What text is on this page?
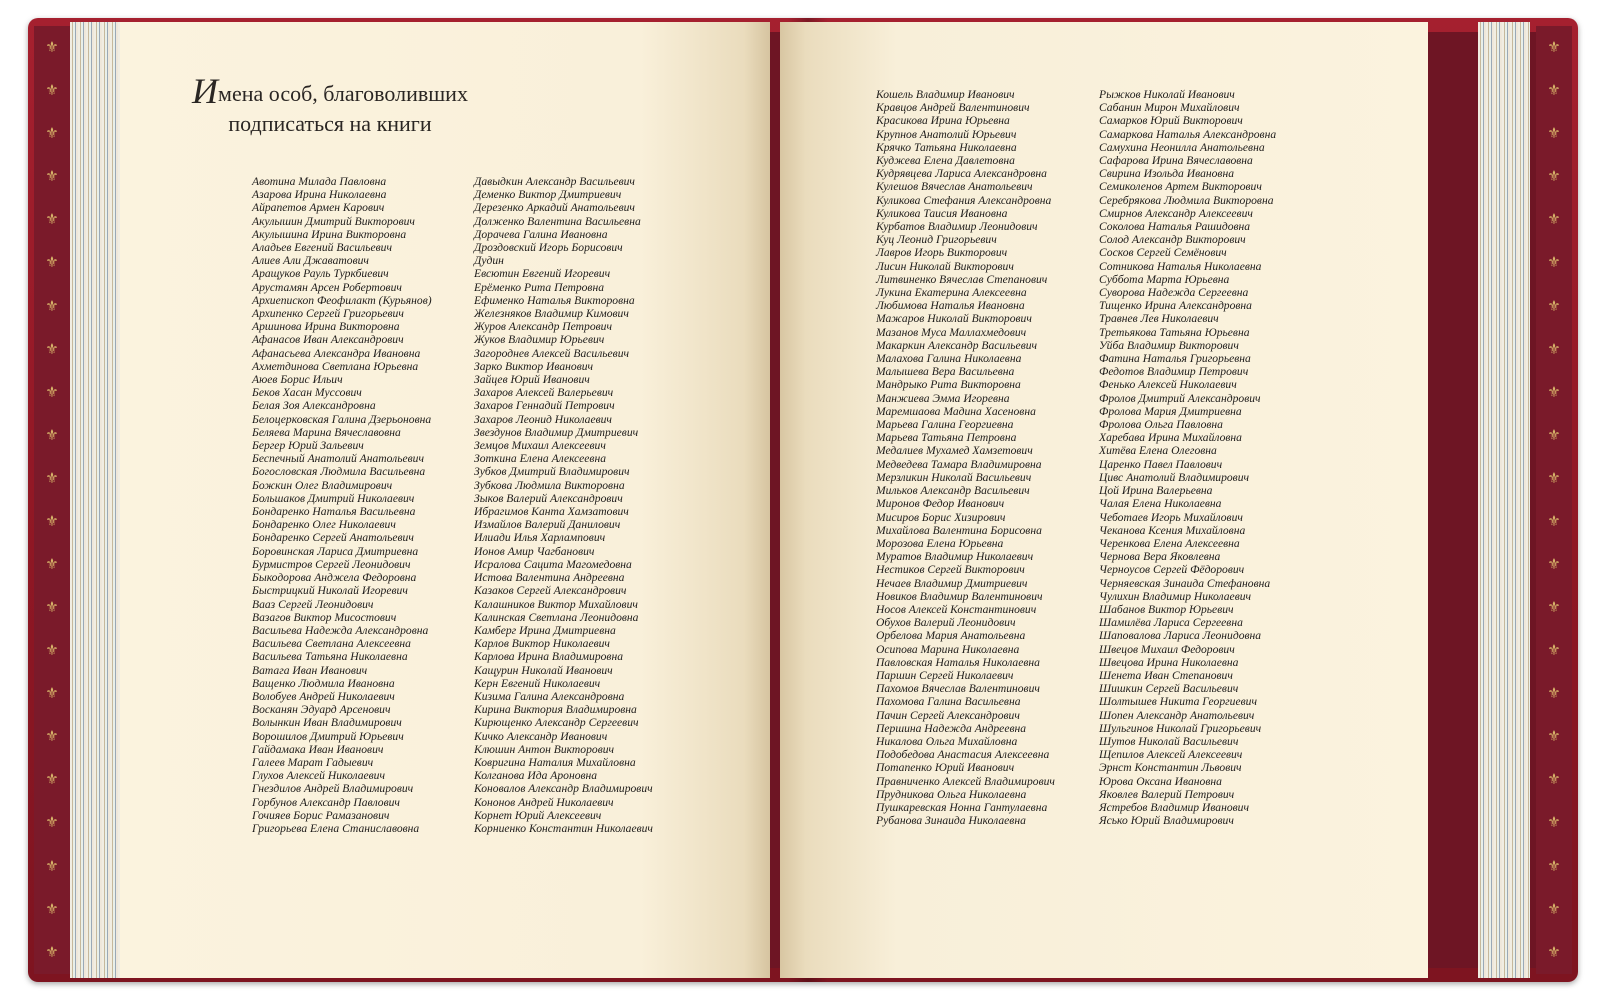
⚜
⚜
⚜
⚜
⚜
⚜
⚜
⚜
⚜
⚜
⚜
⚜
⚜
⚜
⚜
⚜
⚜
⚜
⚜
⚜
⚜
⚜
⚜
⚜
⚜
⚜
⚜
⚜
⚜
⚜
⚜
⚜
⚜
⚜
⚜
⚜
⚜
⚜
⚜
⚜
⚜
⚜
⚜
⚜
Имена особ, благоволивших
подписаться на книги
Авотина Милада Павловна
Азарова Ирина Николаевна
Айрапетов Армен Карович
Акулышин Дмитрий Викторович
Акулышина Ирина Викторовна
Аладьев Евгений Васильевич
Алиев Али Джаватович
Аращуков Рауль Туркбиевич
Арустамян Арсен Робертович
Архиепископ Феофилакт (Курьянов)
Архипенко Сергей Григорьевич
Аршинова Ирина Викторовна
Афанасов Иван Александрович
Афанасьева Александра Ивановна
Ахметдинова Светлана Юрьевна
Аюев Борис Ильич
Беков Хасан Муссович
Белая Зоя Александровна
Белоцерковская Галина Дзерьоновна
Беляева Марина Вячеславовна
Бергер Юрий Зальевич
Беспечный Анатолий Анатольевич
Богословская Людмила Васильевна
Божкин Олег Владимирович
Большаков Дмитрий Николаевич
Бондаренко Наталья Васильевна
Бондаренко Олег Николаевич
Бондаренко Сергей Анатольевич
Боровинская Лариса Дмитриевна
Бурмистров Сергей Леонидович
Быкодорова Анджела Федоровна
Быстрицкий Николай Игоревич
Вааз Сергей Леонидович
Вазагов Виктор Мисостович
Васильева Надежда Александровна
Васильева Светлана Алексеевна
Васильева Татьяна Николаевна
Ватага Иван Иванович
Ващенко Людмила Ивановна
Волобуев Андрей Николаевич
Восканян Эдуард Арсенович
Волынкин Иван Владимирович
Ворошилов Дмитрий Юрьевич
Гайдамака Иван Иванович
Галеев Марат Гадыевич
Глухов Алексей Николаевич
Гнездилов Андрей Владимирович
Горбунов Александр Павлович
Гочияев Борис Рамазанович
Григорьева Елена Станиславовна
Давыдкин Александр Васильевич
Деменко Виктор Дмитриевич
Дерезенко Аркадий Анатольевич
Долженко Валентина Васильевна
Дорачева Галина Ивановна
Дроздовский Игорь Борисович
Дудин
Евсютин Евгений Игоревич
Ерёменко Рита Петровна
Ефименко Наталья Викторовна
Железняков Владимир Кимович
Журов Александр Петрович
Жуков Владимир Юрьевич
Загороднев Алексей Васильевич
Зарко Виктор Иванович
Зайцев Юрий Иванович
Захаров Алексей Валерьевич
Захаров Геннадий Петрович
Захаров Леонид Николаевич
Звездунов Владимир Дмитриевич
Земцов Михаил Алексеевич
Зоткина Елена Алексеевна
Зубков Дмитрий Владимирович
Зубкова Людмила Викторовна
Зыков Валерий Александрович
Ибрагимов Канта Хамзатович
Измайлов Валерий Данилович
Илиади Илья Харлампович
Ионов Амир Чагбанович
Исралова Сацита Магомедовна
Истова Валентина Андреевна
Казаков Сергей Александрович
Калашников Виктор Михайлович
Калинская Светлана Леонидовна
Камберг Ирина Дмитриевна
Карлов Виктор Николаевич
Карлова Ирина Владимировна
Кащурин Николай Иванович
Керн Евгений Николаевич
Кизима Галина Александровна
Кирина Виктория Владимировна
Кирющенко Александр Сергеевич
Кичко Александр Иванович
Клюшин Антон Викторович
Ковригина Наталия Михайловна
Колганова Ида Ароновна
Коновалов Александр Владимирович
Кононов Андрей Николаевич
Корнет Юрий Алексеевич
Корниенко Константин Николаевич
Кошель Владимир Иванович
Кравцов Андрей Валентинович
Красикова Ирина Юрьевна
Крупнов Анатолий Юрьевич
Крячко Татьяна Николаевна
Куджева Елена Давлетовна
Кудрявцева Лариса Александровна
Кулешов Вячеслав Анатольевич
Куликова Стефания Александровна
Куликова Таисия Ивановна
Курбатов Владимир Леонидович
Куц Леонид Григорьевич
Лавров Игорь Викторович
Лисин Николай Викторович
Литвиненко Вячеслав Степанович
Лукина Екатерина Алексеевна
Любимова Наталья Ивановна
Мажаров Николай Викторович
Мазанов Муса Маллахмедович
Макаркин Александр Васильевич
Малахова Галина Николаевна
Малышева Вера Васильевна
Мандрыко Рита Викторовна
Манжиева Эмма Игоревна
Маремшаова Мадина Хасеновна
Марьева Галина Георгиевна
Марьева Татьяна Петровна
Медалиев Мухамед Хамзетович
Медведева Тамара Владимировна
Мерзликин Николай Васильевич
Мильков Александр Васильевич
Миронов Федор Иванович
Мисиров Борис Хизирович
Михайлова Валентина Борисовна
Морозова Елена Юрьевна
Муратов Владимир Николаевич
Нестиков Сергей Викторович
Нечаев Владимир Дмитриевич
Новиков Владимир Валентинович
Носов Алексей Константинович
Обухов Валерий Леонидович
Орбелова Мария Анатольевна
Осипова Марина Николаевна
Павловская Наталья Николаевна
Паршин Сергей Николаевич
Пахомов Вячеслав Валентинович
Пахомова Галина Васильевна
Пачин Сергей Александрович
Першина Надежда Андреевна
Никалова Ольга Михайловна
Подобедова Анастасия Алексеевна
Потапенко Юрий Иванович
Правниченко Алексей Владимирович
Прудникова Ольга Николаевна
Пушкаревская Нонна Гантулаевна
Рубанова Зинаида Николаевна
Рыжков Николай Иванович
Сабанин Мирон Михайлович
Самарков Юрий Викторович
Самаркова Наталья Александровна
Самухина Неонилла Анатольевна
Сафарова Ирина Вячеславовна
Свирина Изольда Ивановна
Семиколенов Артем Викторович
Серебрякова Людмила Викторовна
Смирнов Александр Алексеевич
Соколова Наталья Рашидовна
Солод Александр Викторович
Сосков Сергей Семёнович
Сотникова Наталья Николаевна
Суббота Марта Юрьевна
Суворова Надежда Сергеевна
Тищенко Ирина Александровна
Травнев Лев Николаевич
Третьякова Татьяна Юрьевна
Уйба Владимир Викторович
Фатина Наталья Григорьевна
Федотов Владимир Петрович
Фенько Алексей Николаевич
Фролов Дмитрий Александрович
Фролова Мария Дмитриевна
Фролова Ольга Павловна
Харебава Ирина Михайловна
Хитёва Елена Олеговна
Царенко Павел Павлович
Цивс Анатолий Владимирович
Цой Ирина Валерьевна
Чалая Елена Николаевна
Чеботаев Игорь Михайлович
Чеканова Ксения Михайловна
Черенкова Елена Алексеевна
Чернова Вера Яковлевна
Черноусов Сергей Фёдорович
Черняевская Зинаида Стефановна
Чулихин Владимир Николаевич
Шабанов Виктор Юрьевич
Шамилёва Лариса Сергеевна
Шаповалова Лариса Леонидовна
Швецов Михаил Федорович
Швецова Ирина Николаевна
Шенета Иван Степанович
Шишкин Сергей Васильевич
Шолтышев Никита Георгиевич
Шопен Александр Анатольевич
Шульгинов Николай Григорьевич
Шутов Николай Васильевич
Щепилов Алексей Алексеевич
Эрнст Константин Львович
Юрова Оксана Ивановна
Яковлев Валерий Петрович
Ястребов Владимир Иванович
Ясько Юрий Владимирович
